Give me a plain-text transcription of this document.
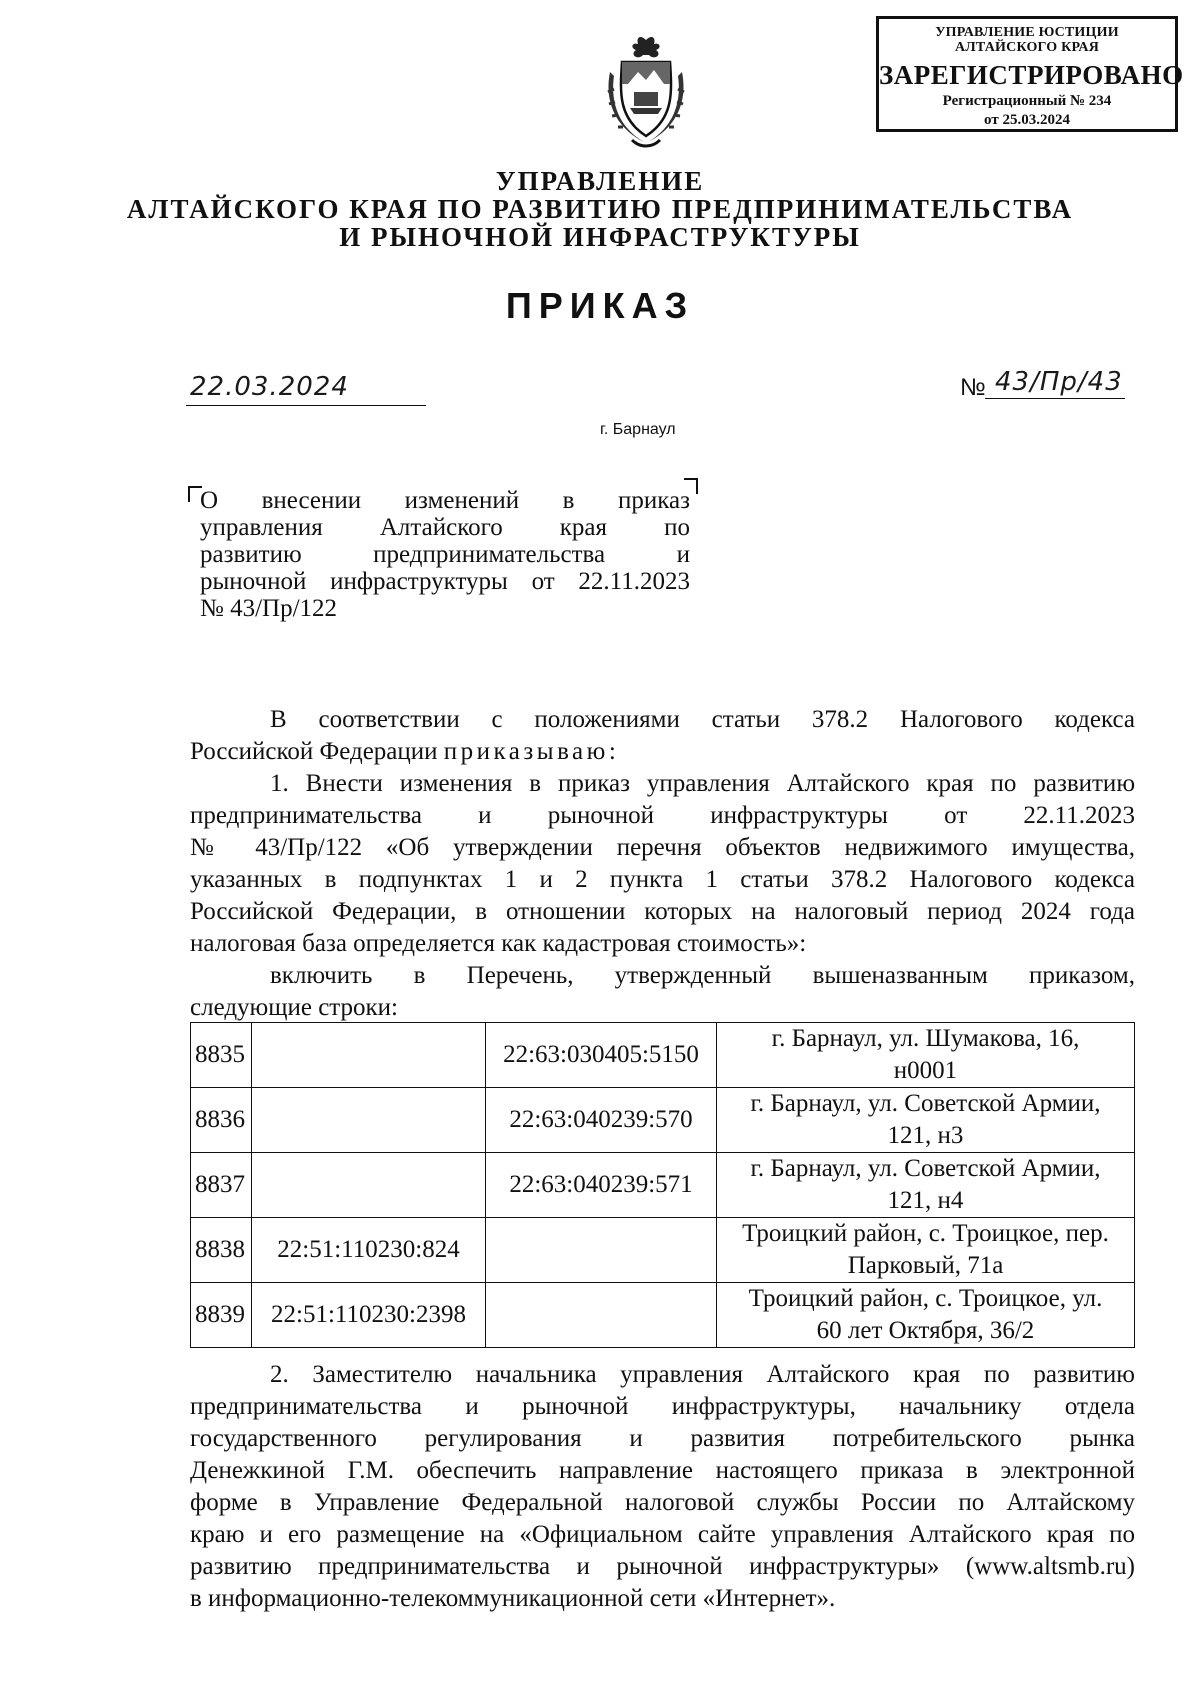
УПРАВЛЕНИЕ ЮСТИЦИИ
АЛТАЙСКОГО КРАЯ
ЗАРЕГИСТРИРОВАНО
Регистрационный № 234
от 25.03.2024
УПРАВЛЕНИЕ
АЛТАЙСКОГО КРАЯ ПО РАЗВИТИЮ ПРЕДПРИНИМАТЕЛЬСТВА
И РЫНОЧНОЙ ИНФРАСТРУКТУРЫ
ПРИКАЗ
22.03.2024	№ 43/Пр/43
г. Барнаул
О внесении изменений в приказ
управления Алтайского края по
развитию предпринимательства и
рыночной инфраструктуры от 22.11.2023
№ 43/Пр/122
В соответствии с положениями статьи 378.2 Налогового кодекса
Российской Федерации приказываю:
1. Внести изменения в приказ управления Алтайского края по развитию
предпринимательства и рыночной инфраструктуры от 22.11.2023
№ 43/Пр/122 «Об утверждении перечня объектов недвижимого имущества,
указанных в подпунктах 1 и 2 пункта 1 статьи 378.2 Налогового кодекса
Российской Федерации, в отношении которых на налоговый период 2024 года
налоговая база определяется как кадастровая стоимость»:
включить в Перечень, утвержденный вышеназванным приказом,
следующие строки:
8835		22:63:030405:5150	г. Барнаул, ул. Шумакова, 16,
н0001

8836		22:63:040239:570	г. Барнаул, ул. Советской Армии,
121, н3

8837		22:63:040239:571	г. Барнаул, ул. Советской Армии,
121, н4

8838	22:51:110230:824		Троицкий район, с. Троицкое, пер.
Парковый, 71а

8839	22:51:110230:2398		Троицкий район, с. Троицкое, ул.
60 лет Октября, 36/2
2. Заместителю начальника управления Алтайского края по развитию
предпринимательства и рыночной инфраструктуры, начальнику отдела
государственного регулирования и развития потребительского рынка
Денежкиной Г.М. обеспечить направление настоящего приказа в электронной
форме в Управление Федеральной налоговой службы России по Алтайскому
краю и его размещение на «Официальном сайте управления Алтайского края по
развитию предпринимательства и рыночной инфраструктуры» (www.altsmb.ru)
в информационно-телекоммуникационной сети «Интернет».
